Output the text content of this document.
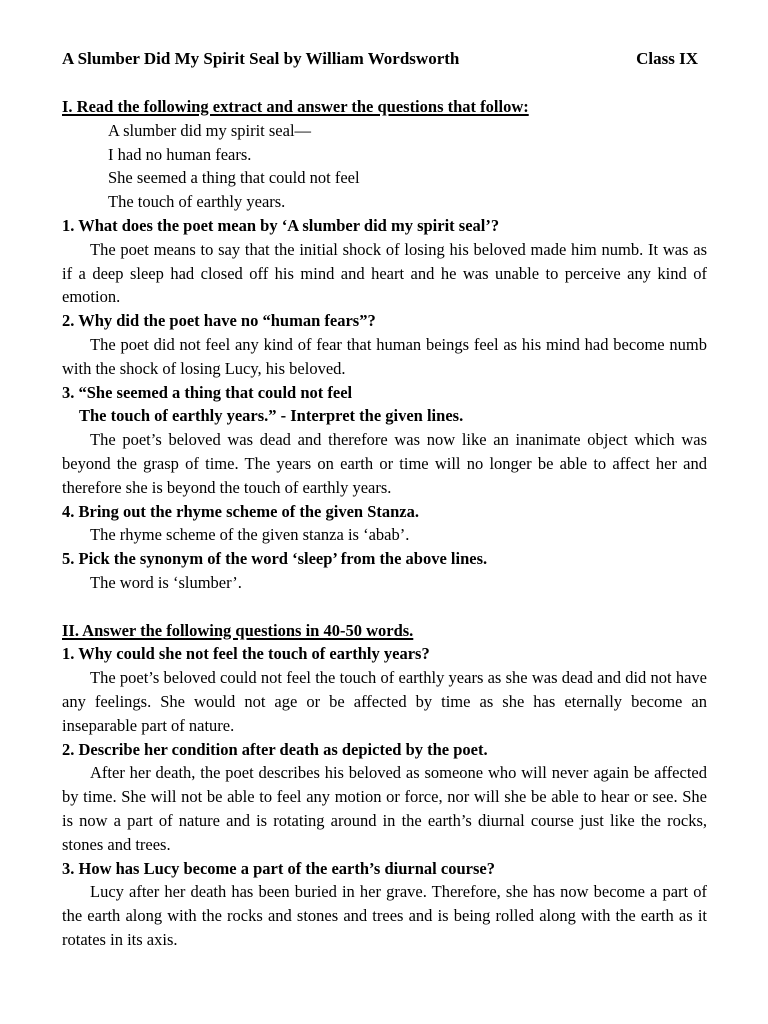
A Slumber Did My Spirit Seal by William Wordsworth	Class IX
I. Read the following extract and answer the questions that follow:
A slumber did my spirit seal—
I had no human fears.
She seemed a thing that could not feel
The touch of earthly years.
1. What does the poet mean by ‘A slumber did my spirit seal’?
The poet means to say that the initial shock of losing his beloved made him numb. It was as if a deep sleep had closed off his mind and heart and he was unable to perceive any kind of emotion.
2. Why did the poet have no “human fears”?
The poet did not feel any kind of fear that human beings feel as his mind had become numb with the shock of losing Lucy, his beloved.
3. “She seemed a thing that could not feel
The touch of earthly years.” - Interpret the given lines.
The poet’s beloved was dead and therefore was now like an inanimate object which was beyond the grasp of time. The years on earth or time will no longer be able to affect her and therefore she is beyond the touch of earthly years.
4. Bring out the rhyme scheme of the given Stanza.
The rhyme scheme of the given stanza is ‘abab’.
5. Pick the synonym of the word ‘sleep’ from the above lines.
The word is ‘slumber’.
II. Answer the following questions in 40-50 words.
1. Why could she not feel the touch of earthly years?
The poet’s beloved could not feel the touch of earthly years as she was dead and did not have any feelings. She would not age or be affected by time as she has eternally become an inseparable part of nature.
2. Describe her condition after death as depicted by the poet.
After her death, the poet describes his beloved as someone who will never again be affected by time. She will not be able to feel any motion or force, nor will she be able to hear or see. She is now a part of nature and is rotating around in the earth’s diurnal course just like the rocks, stones and trees.
3. How has Lucy become a part of the earth’s diurnal course?
Lucy after her death has been buried in her grave. Therefore, she has now become a part of the earth along with the rocks and stones and trees and is being rolled along with the earth as it rotates in its axis.
